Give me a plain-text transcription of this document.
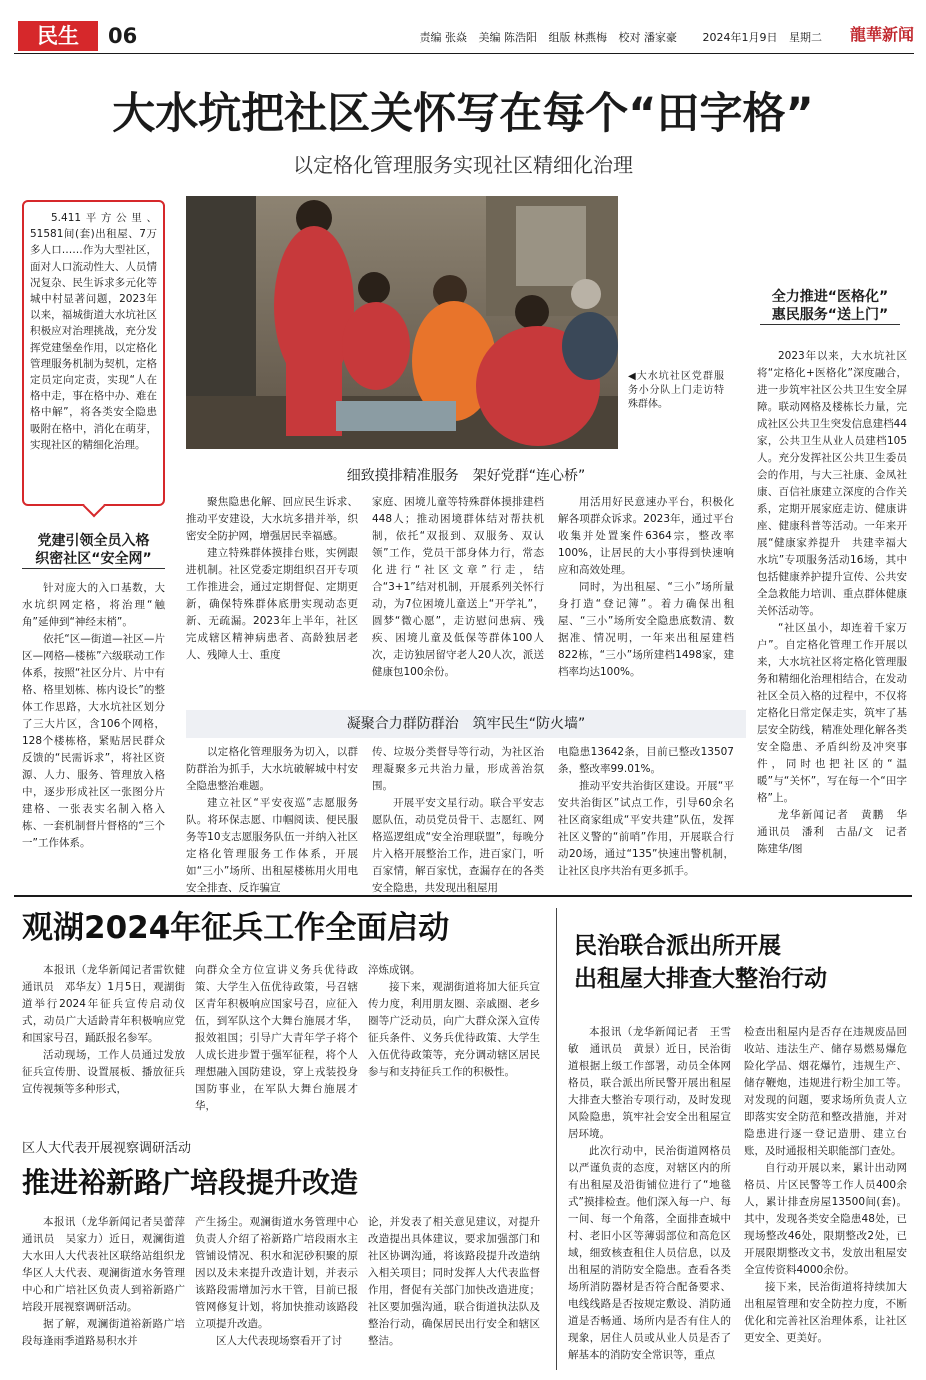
民生	06	责编 张焱 美编 陈浩阳 组版 林燕梅 校对 潘家豪 2024年1月9日 星期二 龍華新闻
大水坑把社区关怀写在每个“田字格”
以定格化管理服务实现社区精细化治理

5.411平方公里、51581间(套)出租屋、7万多人口……作为大型社区，面对人口流动性大、人员情况复杂、民生诉求多元化等城中村显著问题，2023年以来，福城街道大水坑社区积极应对治理挑战，充分发挥党建堡垒作用，以定格化管理服务机制为契机，定格定员定向定责，实现“人在格中走，事在格中办、难在格中解”，将各类安全隐患吸附在格中，消化在萌芽，实现社区的精细化治理。

◀大水坑社区党群服务小分队上门走访特殊群体。
全力推进“医格化”
惠民服务“送上门”

2023年以来，大水坑社区将“定格化+医格化”深度融合，进一步筑牢社区公共卫生安全屏障。联动网格及楼栋长力量，完成社区公共卫生突发信息建档44家，公共卫生从业人员建档105人。充分发挥社区公共卫生委员会的作用，与大三社康、金凤社康、百信社康建立深度的合作关系，定期开展家庭走访、健康讲座、健康科普等活动。一年来开展“健康家养提升　共建幸福大水坑”专项服务活动16场，其中包括健康养护提升宣传、公共安全急救能力培训、重点群体健康关怀活动等。

“社区虽小，却连着千家万户”。自定格化管理工作开展以来，大水坑社区将定格化管理服务和精细化治理相结合，在发动社区全员入格的过程中，不仅将定格化日常定保走实，筑牢了基层安全防线，精准处理化解各类安全隐患、矛盾纠纷及冲突事件，同时也把社区的“温暖”与“关怀”，写在每一个“田字格”上。

龙华新闻记者　黄鹏　华　通讯员　潘利　古晶/文　记者　陈建华/图

党建引领全员入格
织密社区“安全网”

针对庞大的入口基数，大水坑织网定格，将治理“触角”延伸到“神经末梢”。

依托“区—街道—社区—片区—网格—楼栋”六级联动工作体系，按照“社区分片、片中有格、格里划栋、栋内设长”的整体工作思路，大水坑社区划分了三大片区，含106个网格，128个楼栋格，紧贴居民群众反馈的“民需诉求”，将社区资源、人力、服务、管理放入格中，逐步形成社区一张图分片建格、一张表实名制入格入栋、一套机制督片督格的“三个一”工作体系。

细致摸排精准服务　架好党群“连心桥”

聚焦隐患化解、回应民生诉求、推动平安建设，大水坑多措并举，织密安全防护网，增强居民幸福感。

建立特殊群体摸排台账，实例跟进机制。社区党委定期组织召开专项工作推进会，通过定期督促、定期更新，确保特殊群体底册实现动态更新、无疏漏。2023年上半年，社区完成辖区精神病患者、高龄独居老人、残障人士、重度

家庭、困境儿童等特殊群体摸排建档448人；推动困境群体结对帮扶机制，依托“双报到、双服务、双认领”工作，党员干部身体力行，常态化进行“社区文章”行走，结合“3+1”结对机制，开展系列关怀行动，为7位困境儿童送上“开学礼”，圆梦“微心愿”，走访慰问患病、残疾、困境儿童及低保等群体100人次，走访独居留守老人20人次，派送健康包100余份。

用活用好民意速办平台，积极化解各项群众诉求。2023年，通过平台收集并处置案件6364宗，整改率100%，让居民的大小事得到快速响应和高效处理。

同时，为出租屋、“三小”场所量身打造“登记簿”。着力确保出租屋、“三小”场所安全隐患底数清、数据准、情况明，一年来出租屋建档822栋，“三小”场所建档1498家，建档率均达100%。

凝聚合力群防群治　筑牢民生“防火墙”

以定格化管理服务为切入，以群防群治为抓手，大水坑破解城中村安全隐患整治难题。

建立社区“平安夜巡”志愿服务队。将环保志愿、巾帼阅读、便民服务等10支志愿服务队伍一并纳入社区定格化管理服务工作体系，开展如“三小”场所、出租屋楼栋用火用电安全排查、反诈骗宣

传、垃圾分类督导等行动，为社区治理凝聚多元共治力量，形成善治氛围。

开展平安文星行动。联合平安志愿队伍，动员党员骨干、志愿红、网格巡逻组成“安全治理联盟”，每晚分片入格开展整治工作，进百家门，听百家情，解百家忧，查漏存在的各类安全隐患，共发现出租屋用

电隐患13642条，目前已整改13507条，整改率99.01%。

推动平安共治街区建设。开展“平安共治街区”试点工作，引导60余名社区商家组成“平安共建”队伍，发挥社区义警的“前哨”作用，开展联合行动20场，通过“135”快速出警机制，让社区良序共治有更多抓手。

观湖2024年征兵工作全面启动

本报讯（龙华新闻记者雷钦健　通讯员　邓华友）1月5日，观湖街道举行2024年征兵宣传启动仪式，动员广大适龄青年积极响应党和国家号召，踊跃报名参军。

活动现场，工作人员通过发放征兵宣传册、设置展板、播放征兵宣传视频等多种形式，

向群众全方位宣讲义务兵优待政策、大学生入伍优待政策，号召辖区青年积极响应国家号召，应征入伍，到军队这个大舞台施展才华，报效祖国；引导广大青年学子将个人成长进步置于强军征程，将个人理想融入国防建设，穿上戎装投身国防事业，在军队大舞台施展才华，

淬炼成钢。

接下来，观湖街道将加大征兵宣传力度，利用朋友圈、亲戚圈、老乡圈等广泛动员，向广大群众深入宣传征兵条件、义务兵优待政策、大学生入伍优待政策等，充分调动辖区居民参与和支持征兵工作的积极性。

区人大代表开展视察调研活动
推进裕新路广培段提升改造

本报讯（龙华新闻记者吴蕾萍　通讯员　吴家力）近日，观澜街道大水田人大代表社区联络站组织龙华区人大代表、观澜街道水务管理中心和广培社区负责人到裕新路广培段开展视察调研活动。

据了解，观澜街道裕新路广培段每逢雨季道路易积水并

产生扬尘。观澜街道水务管理中心负责人介绍了裕新路广培段雨水主管铺设情况、积水和泥砂积聚的原因以及未来提升改造计划，并表示该路段需增加污水干管，目前已报管网修复计划，将加快推动该路段立项提升改造。

区人大代表现场察看开了讨

论，并发表了相关意见建议，对提升改造提出具体建议，要求加强部门和社区协调沟通，将该路段提升改造纳入相关项目；同时发挥人大代表监督作用，督促有关部门加快改造进度；社区要加强沟通，联合街道执法队及整治行动，确保居民出行安全和辖区整洁。

民治联合派出所开展
出租屋大排查大整治行动

本报讯（龙华新闻记者　王雪敏　通讯员　黄景）近日，民治街道根据上级工作部署，动员全体网格员，联合派出所民警开展出租屋大排查大整治专项行动，及时发现风险隐患，筑牢社会安全出租屋宣居环境。

此次行动中，民治街道网格员以严谨负责的态度，对辖区内的所有出租屋及沿街铺位进行了“地毯式”摸排检查。他们深入每一户、每一间、每一个角落，全面排查城中村、老旧小区等薄弱部位和高危区域，细致核查租住人员信息，以及出租屋的消防安全隐患。查看各类场所消防器材是否符合配备要求、电线线路是否按规定敷设、消防通道是否畅通、场所内是否有住人的现象，居住人员或从业人员是否了解基本的消防安全常识等，重点

检查出租屋内是否存在违规废品回收站、违法生产、储存易燃易爆危险化学品、烟花爆竹，违规生产、储存鞭炮，违规进行粉尘加工等。对发现的问题，要求场所负责人立即落实安全防范和整改措施，并对隐患进行逐一登记造册、建立台账，及时通报相关职能部门查处。

自行动开展以来，累计出动网格员、片区民警等工作人员400余人，累计排查房屋13500间(套)。其中，发现各类安全隐患48处，已现场整改46处，限期整改2处，已开展限期整改文书，发放出租屋安全宣传资料4000余份。

接下来，民治街道将持续加大出租屋管理和安全防控力度，不断优化和完善社区治理体系，让社区更安全、更美好。
